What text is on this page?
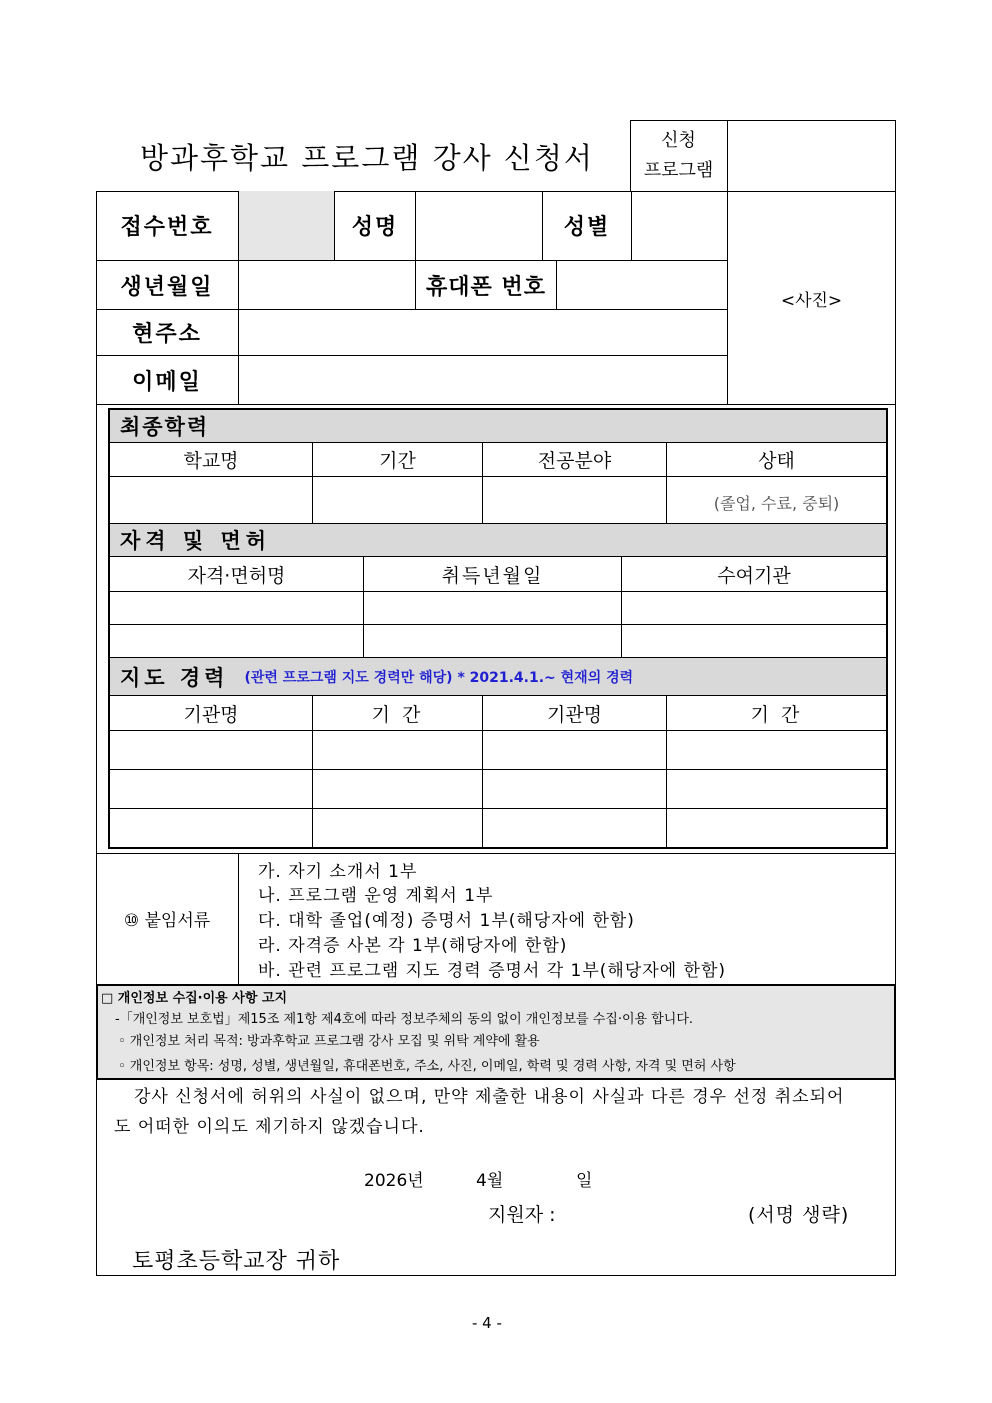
방과후학교 프로그램 강사 신청서
신청
프로그램
접수번호	성명	성별
생년월일	휴대폰 번호
현주소
이메일
<사진>
최종학력
학교명	기간	전공분야	상태
(졸업, 수료, 중퇴)
자격 및 면허
자격·면허명	취득년월일	수여기관
지도 경력 (관련 프로그램 지도 경력만 해당) * 2021.4.1.~ 현재의 경력
기관명	기 간	기관명	기 간
⑩ 붙임서류
가. 자기 소개서 1부
나. 프로그램 운영 계획서 1부
다. 대학 졸업(예정) 증명서 1부(해당자에 한함)
라. 자격증 사본 각 1부(해당자에 한함)
바. 관련 프로그램 지도 경력 증명서 각 1부(해당자에 한함)
□ 개인정보 수집·이용 사항 고지
-「개인정보 보호법」제15조 제1항 제4호에 따라 정보주체의 동의 없이 개인정보를 수집·이용 합니다.
◦ 개인정보 처리 목적: 방과후학교 프로그램 강사 모집 및 위탁 계약에 활용
◦ 개인정보 항목: 성명, 성별, 생년월일, 휴대폰번호, 주소, 사진, 이메일, 학력 및 경력 사항, 자격 및 면허 사항
강사 신청서에 허위의 사실이 없으며, 만약 제출한 내용이 사실과 다른 경우 선정 취소되어
도 어떠한 이의도 제기하지 않겠습니다.
2026년	4월	일
지원자 :	(서명 생략)
토평초등학교장 귀하
- 4 -
